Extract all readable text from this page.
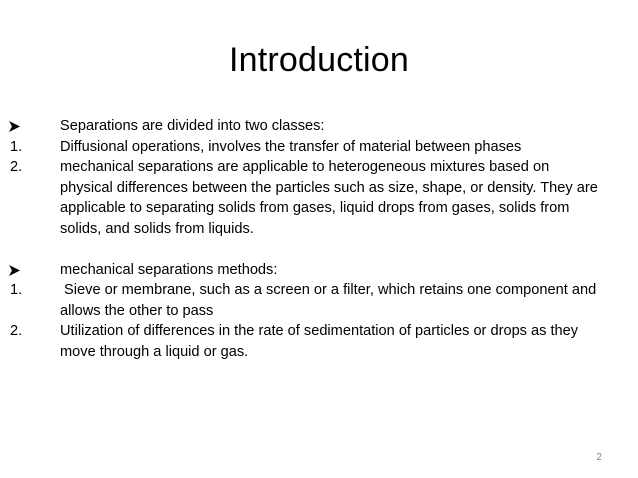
Introduction
Separations are divided into two classes:
1.	Diffusional operations, involves the transfer of material between phases
2.	mechanical separations are applicable to heterogeneous mixtures based on
physical differences between the particles such as size, shape, or density. They are
applicable to separating solids from gases, liquid drops from gases, solids from
solids, and solids from liquids.
mechanical separations methods:
1.	Sieve or membrane, such as a screen or a filter, which retains one component and
allows the other to pass
2.	Utilization of differences in the rate of sedimentation of particles or drops as they
move through a liquid or gas.
2
